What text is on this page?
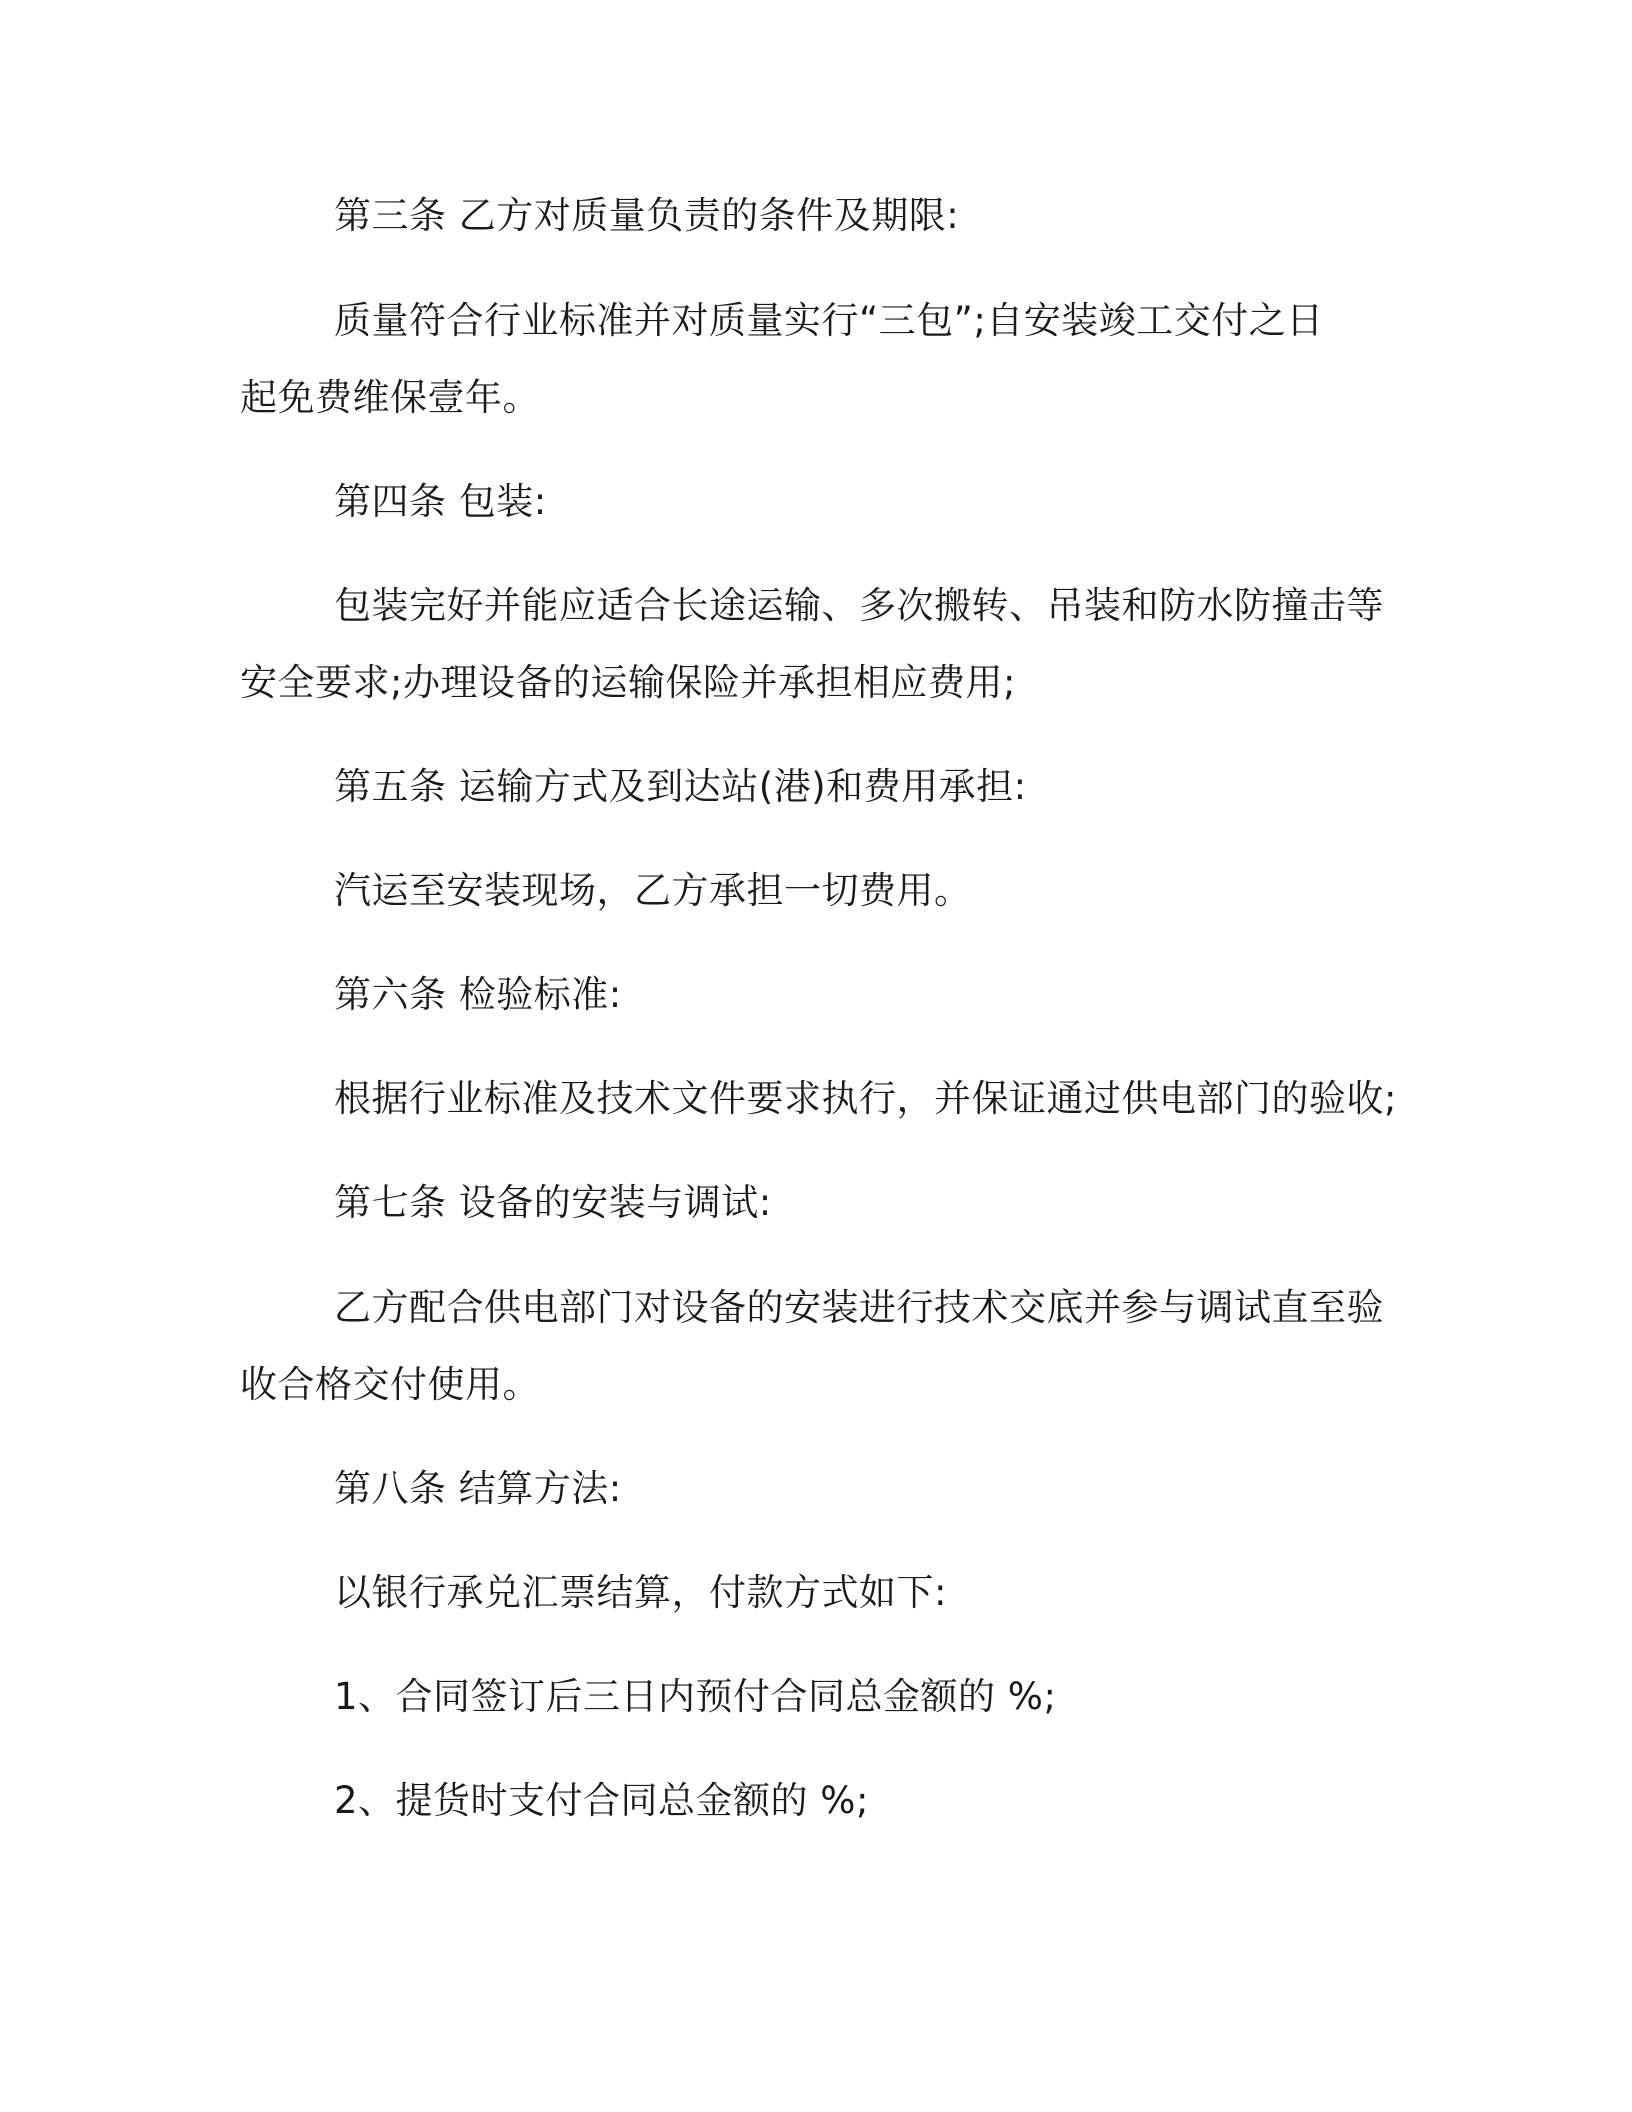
第三条 乙方对质量负责的条件及期限:
质量符合行业标准并对质量实行“三包”;自安装竣工交付之日
起免费维保壹年。
第四条 包装:
包装完好并能应适合长途运输、多次搬转、吊装和防水防撞击等
安全要求;办理设备的运输保险并承担相应费用;
第五条 运输方式及到达站(港)和费用承担:
汽运至安装现场，乙方承担一切费用。
第六条 检验标准:
根据行业标准及技术文件要求执行，并保证通过供电部门的验收;
第七条 设备的安装与调试:
乙方配合供电部门对设备的安装进行技术交底并参与调试直至验
收合格交付使用。
第八条 结算方法:
以银行承兑汇票结算，付款方式如下:
1、合同签订后三日内预付合同总金额的 %;
2、提货时支付合同总金额的 %;
